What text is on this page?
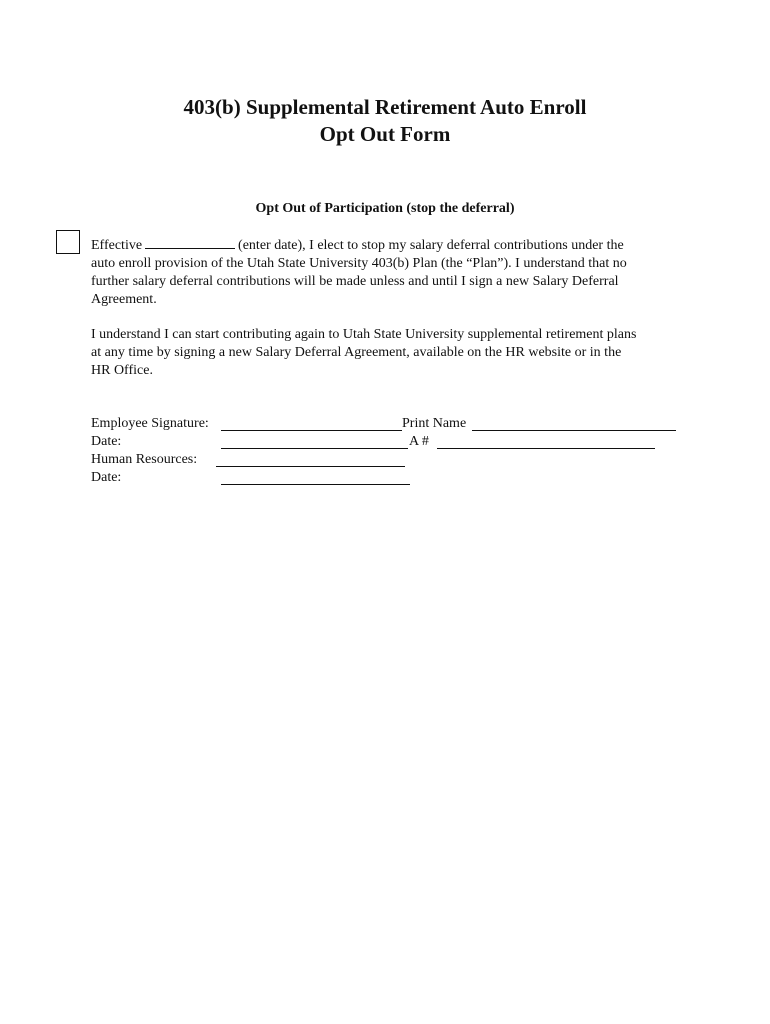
403(b) Supplemental Retirement Auto Enroll
Opt Out Form
Opt Out of Participation (stop the deferral)
Effective	(enter date), I elect to stop my salary deferral contributions under the
auto enroll provision of the Utah State University 403(b) Plan (the “Plan”). I understand that no
further salary deferral contributions will be made unless and until I sign a new Salary Deferral
Agreement.
I understand I can start contributing again to Utah State University supplemental retirement plans
at any time by signing a new Salary Deferral Agreement, available on the HR website or in the
HR Office.
Employee Signature:	Print Name
Date:	A #
Human Resources:
Date:
